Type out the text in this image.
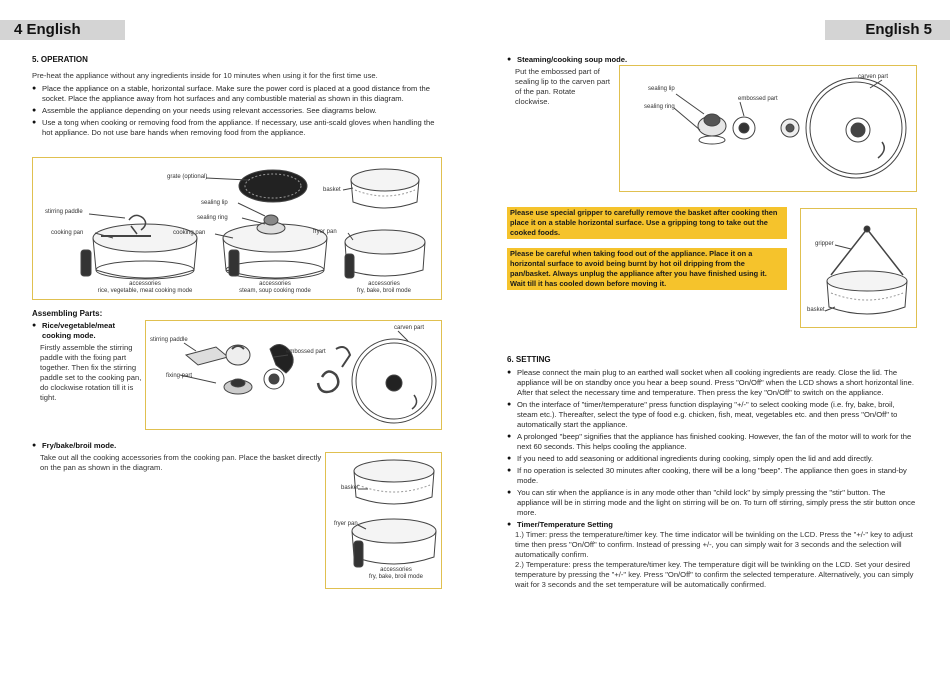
4 English	English 5
5. OPERATION
Pre-heat the appliance without any ingredients inside for 10 minutes when using it for the first time use.
● Place the appliance on a stable, horizontal surface. Make sure the power cord is placed at a good distance from the socket. Place the appliance away from hot surfaces and any combustible material as shown in this diagram.
● Assemble the appliance depending on your needs using relevant accessories. See diagrams below.
● Use a tong when cooking or removing food from the appliance. If necessary, use anti-scald gloves when handling the hot appliance. Do not use bare hands when removing food from the appliance.
grate (optional)
basket
stirring paddle
sealing lip
sealing ring
cooking pan	cooking pan	fryer pan
accessories
rice, vegetable, meat cooking mode
accessories
steam, soup cooking mode
accessories
fry, bake, broil mode
Assembling Parts:
● Rice/vegetable/meat cooking mode.
Firstly assemble the stirring paddle with the fixing part together. Then fix the stirring paddle set to the cooking pan, do clockwise rotation till it is tight.
stirring paddle
fixing part
embossed part
carven part
● Fry/bake/broil mode.
Take out all the cooking accessories from the cooking pan. Place the basket directly on the pan as shown in the diagram.
basket
fryer pan
accessories
fry, bake, broil mode
● Steaming/cooking soup mode.
Put the embossed part of sealing lip to the carven part of the pan. Rotate clockwise.
sealing lip
sealing ring
embossed part
carven part
Please use special gripper to carefully remove the basket after cooking then place it on a stable horizontal surface. Use a gripping tong to take out the cooked foods.
Please be careful when taking food out of the appliance. Place it on a horizontal surface to avoid being burnt by hot oil dripping from the pan/basket. Always unplug the appliance after you have finished using it. Wait till it has cooled down before moving it.
gripper
basket
6. SETTING
● Please connect the main plug to an earthed wall socket when all cooking ingredients are ready. Close the lid. The appliance will be on standby once you hear a beep sound. Press "On/Off" when the LCD shows a short horizontal line. After that select the necessary time and temperature. Then press the key "On/Off" to switch on the appliance.
● On the interface of "timer/temperature" press function displaying "+/-" to select cooking mode (i.e. fry, bake, broil, steam etc.). Thereafter, select the type of food e.g. chicken, fish, meat, vegetables etc. and then press "On/Off" to automatically start the appliance.
● A prolonged "beep" signifies that the appliance has finished cooking. However, the fan of the motor will to work for the next 60 seconds. This helps cooling the appliance.
● If you need to add seasoning or additional ingredients during cooking, simply open the lid and add directly.
● If no operation is selected 30 minutes after cooking, there will be a long "beep". The appliance then goes in stand-by mode.
● You can stir when the appliance is in any mode other than "child lock" by simply pressing the "stir" button. The appliance will be in stirring mode and the light on stirring will be on. To turn off stirring, simply press the stir button once more.
● Timer/Temperature Setting
1.) Timer: press the temperature/timer key. The time indicator will be twinkling on the LCD. Press the "+/-" key to adjust time then press "On/Off" to confirm. Instead of pressing +/-, you can simply wait for 3 seconds and the selection will automatically confirm.
2.) Temperature: press the temperature/timer key. The temperature digit will be twinkling on the LCD. Set your desired temperature by pressing the "+/-" key. Press "On/Off" to confirm the selected temperature. Alternatively, you can simply wait for 3 seconds and the set temperature will be automatically confirmed.
